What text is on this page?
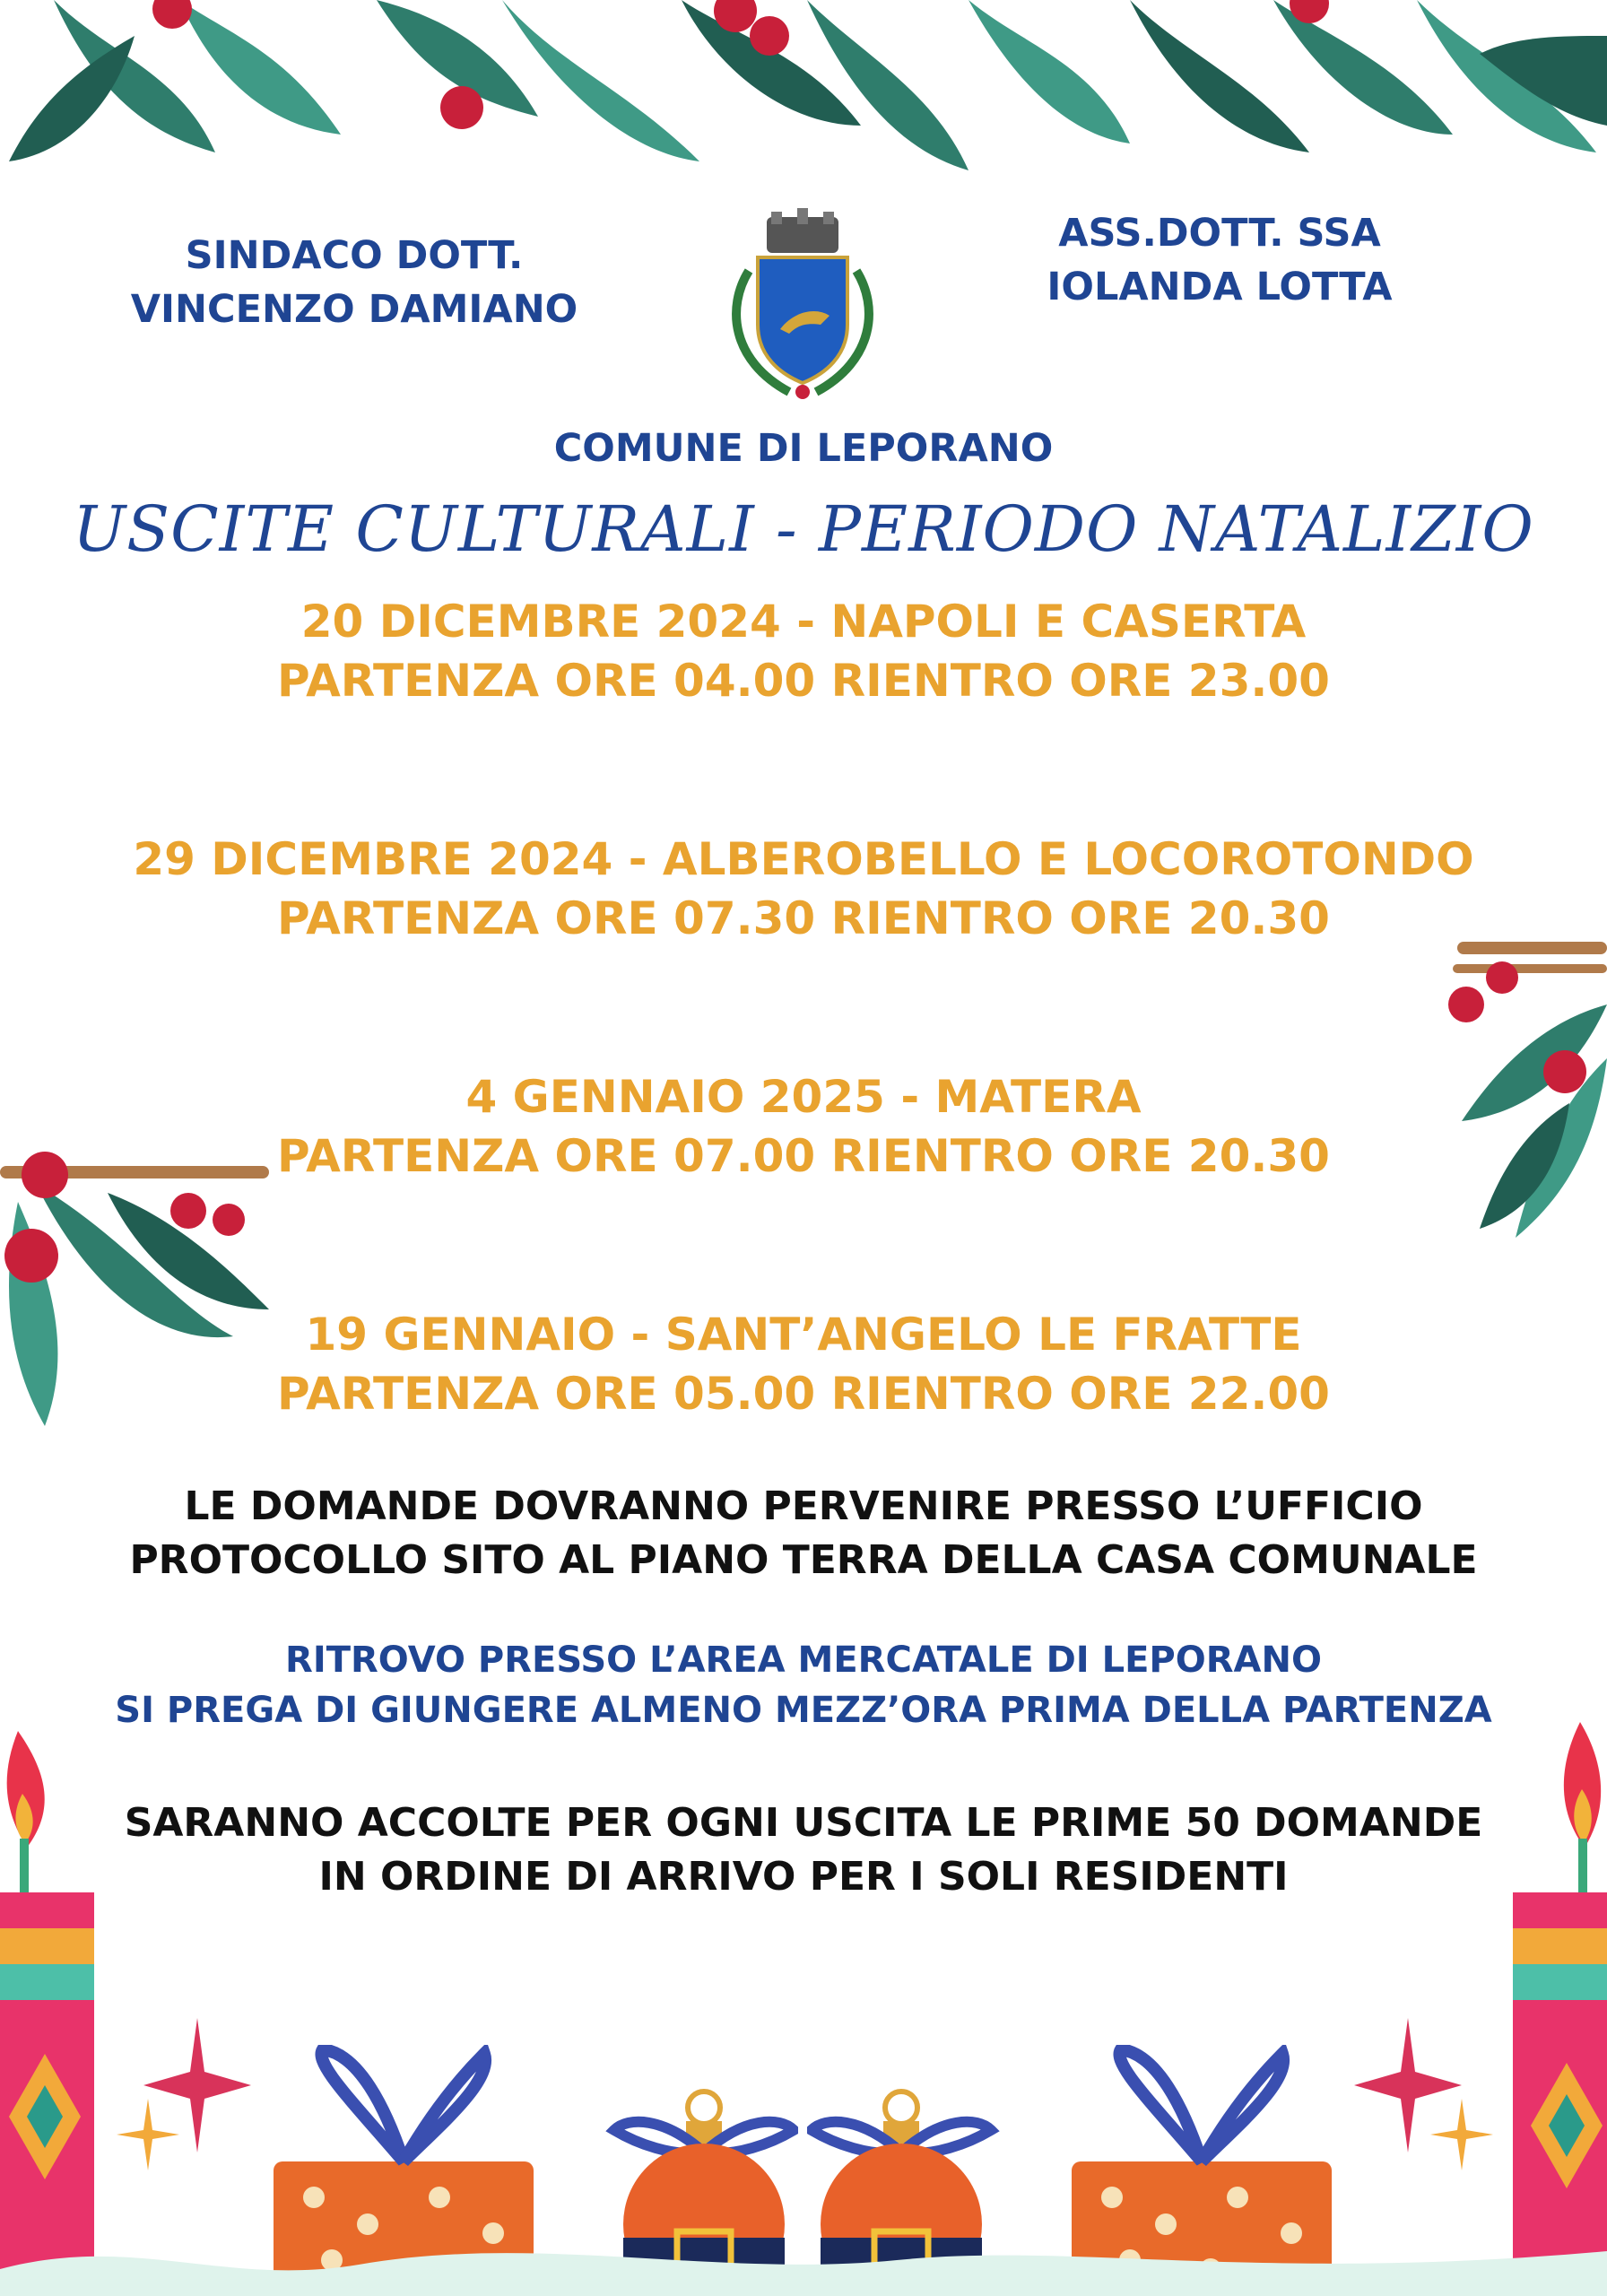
SINDACO DOTT.
VINCENZO DAMIANO
ASS.DOTT. SSA
IOLANDA LOTTA
COMUNE DI LEPORANO
USCITE CULTURALI - PERIODO NATALIZIO
20 DICEMBRE 2024 - NAPOLI E CASERTA
PARTENZA ORE 04.00 RIENTRO ORE 23.00
29 DICEMBRE 2024 - ALBEROBELLO E LOCOROTONDO
PARTENZA ORE 07.30 RIENTRO ORE 20.30
4 GENNAIO 2025 - MATERA
PARTENZA ORE 07.00 RIENTRO ORE 20.30
19 GENNAIO - SANT’ANGELO LE FRATTE
PARTENZA ORE 05.00 RIENTRO ORE 22.00
LE DOMANDE DOVRANNO PERVENIRE PRESSO L’UFFICIO
PROTOCOLLO SITO AL PIANO TERRA DELLA CASA COMUNALE
RITROVO PRESSO L’AREA MERCATALE DI LEPORANO
SI PREGA DI GIUNGERE ALMENO MEZZ’ORA PRIMA DELLA PARTENZA
SARANNO ACCOLTE PER OGNI USCITA LE PRIME 50 DOMANDE
IN ORDINE DI ARRIVO PER I SOLI RESIDENTI
